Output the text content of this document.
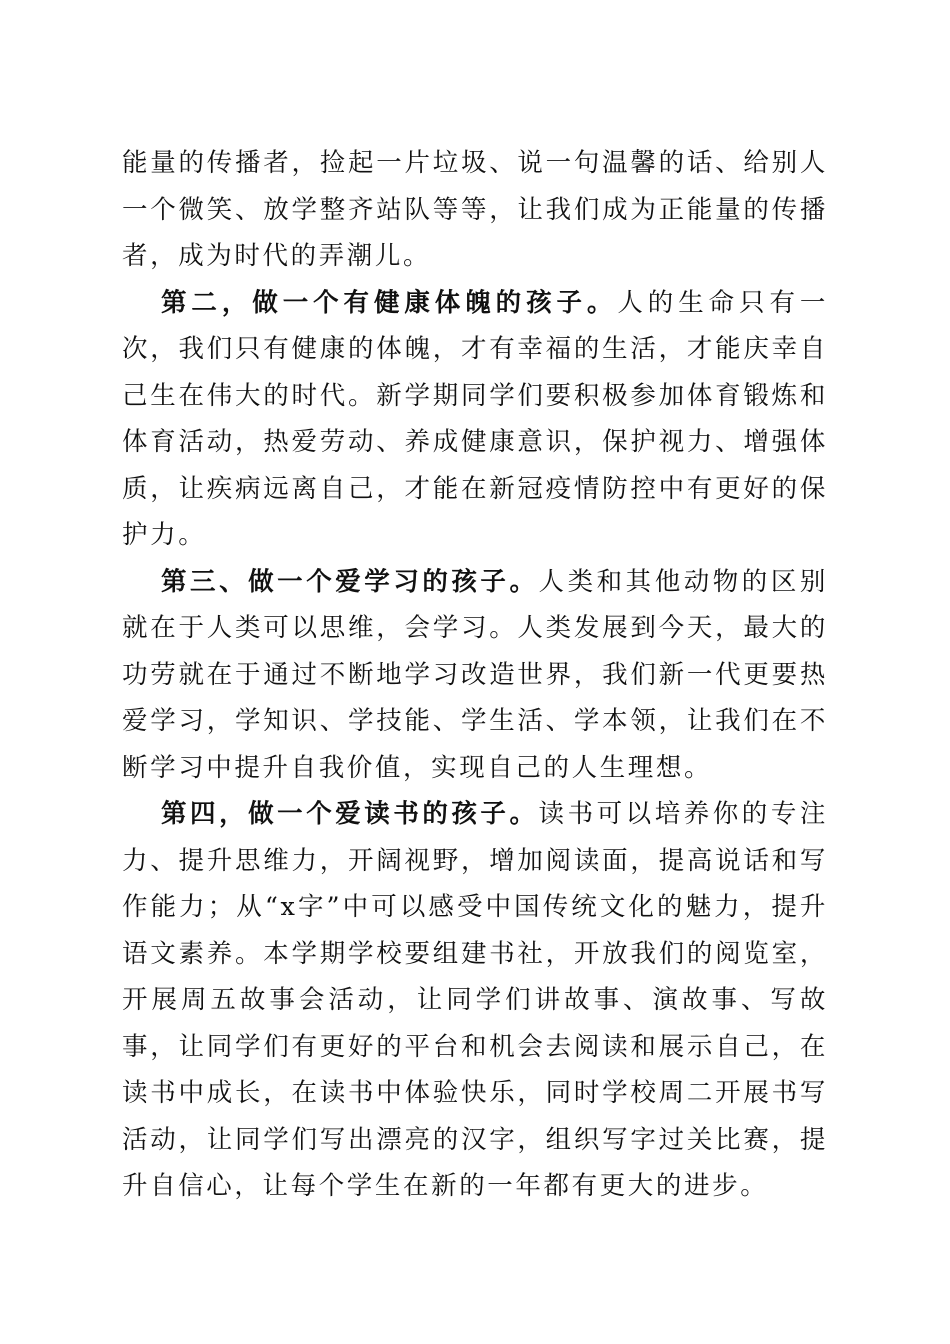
能量的传播者，捡起一片垃圾、说一句温馨的话、给别人一个微笑、放学整齐站队等等，让我们成为正能量的传播者，成为时代的弄潮儿。

第二，做一个有健康体魄的孩子。人的生命只有一次，我们只有健康的体魄，才有幸福的生活，才能庆幸自己生在伟大的时代。新学期同学们要积极参加体育锻炼和体育活动，热爱劳动、养成健康意识，保护视力、增强体质，让疾病远离自己，才能在新冠疫情防控中有更好的保护力。

第三、做一个爱学习的孩子。人类和其他动物的区别就在于人类可以思维，会学习。人类发展到今天，最大的功劳就在于通过不断地学习改造世界，我们新一代更要热爱学习，学知识、学技能、学生活、学本领，让我们在不断学习中提升自我价值，实现自己的人生理想。

第四，做一个爱读书的孩子。读书可以培养你的专注力、提升思维力，开阔视野，增加阅读面，提高说话和写作能力；从“x字”中可以感受中国传统文化的魅力，提升语文素养。本学期学校要组建书社，开放我们的阅览室，开展周五故事会活动，让同学们讲故事、演故事、写故事，让同学们有更好的平台和机会去阅读和展示自己，在读书中成长，在读书中体验快乐，同时学校周二开展书写活动，让同学们写出漂亮的汉字，组织写字过关比赛，提升自信心，让每个学生在新的一年都有更大的进步。
